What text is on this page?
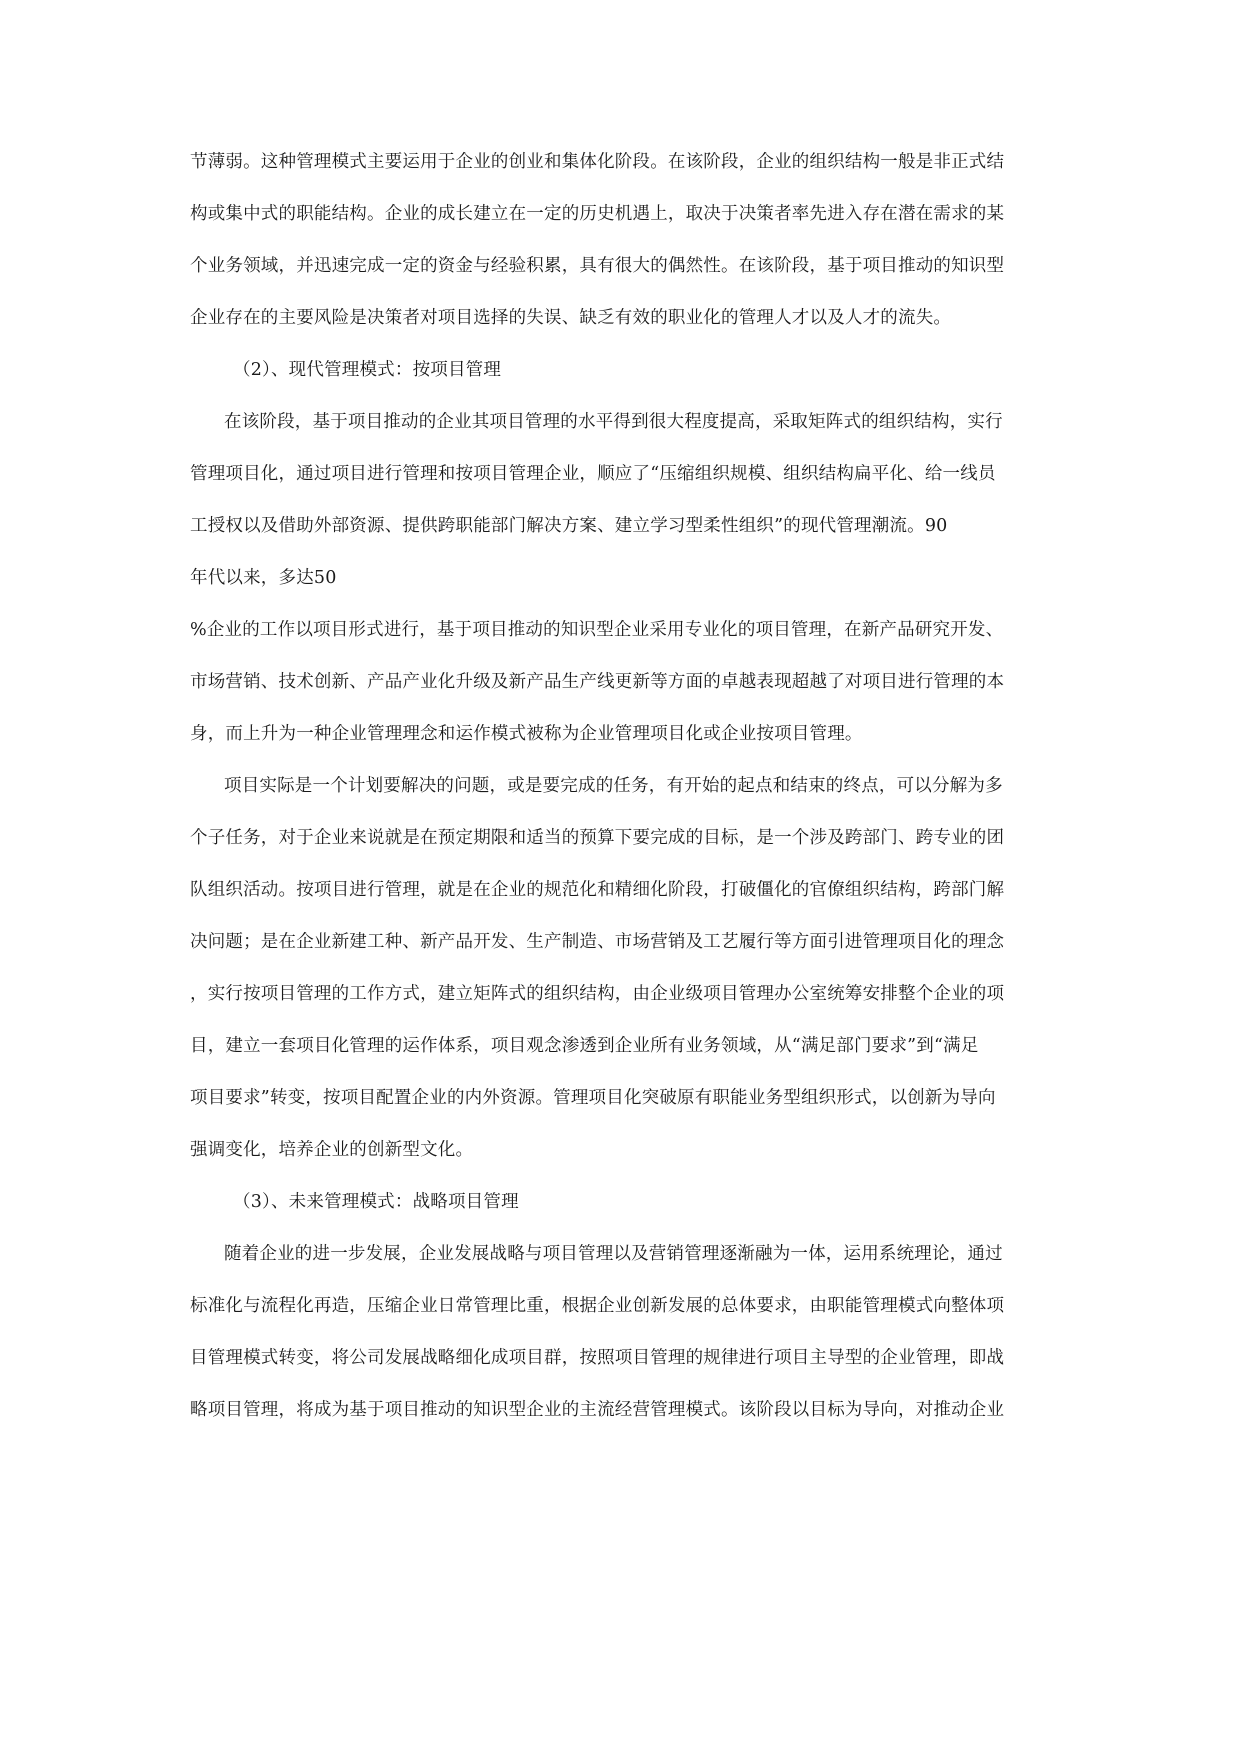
节薄弱。这种管理模式主要运用于企业的创业和集体化阶段。在该阶段，企业的组织结构一般是非正式结
构或集中式的职能结构。企业的成长建立在一定的历史机遇上，取决于决策者率先进入存在潜在需求的某
个业务领域，并迅速完成一定的资金与经验积累，具有很大的偶然性。在该阶段，基于项目推动的知识型
企业存在的主要风险是决策者对项目选择的失误、缺乏有效的职业化的管理人才以及人才的流失。
（2）、现代管理模式：按项目管理
在该阶段，基于项目推动的企业其项目管理的水平得到很大程度提高，采取矩阵式的组织结构，实行
管理项目化，通过项目进行管理和按项目管理企业，顺应了“压缩组织规模、组织结构扁平化、给一线员
工授权以及借助外部资源、提供跨职能部门解决方案、建立学习型柔性组织”的现代管理潮流。90
年代以来，多达50
%企业的工作以项目形式进行，基于项目推动的知识型企业采用专业化的项目管理，在新产品研究开发、
市场营销、技术创新、产品产业化升级及新产品生产线更新等方面的卓越表现超越了对项目进行管理的本
身，而上升为一种企业管理理念和运作模式被称为企业管理项目化或企业按项目管理。
项目实际是一个计划要解决的问题，或是要完成的任务，有开始的起点和结束的终点，可以分解为多
个子任务，对于企业来说就是在预定期限和适当的预算下要完成的目标，是一个涉及跨部门、跨专业的团
队组织活动。按项目进行管理，就是在企业的规范化和精细化阶段，打破僵化的官僚组织结构，跨部门解
决问题；是在企业新建工种、新产品开发、生产制造、市场营销及工艺履行等方面引进管理项目化的理念
，实行按项目管理的工作方式，建立矩阵式的组织结构，由企业级项目管理办公室统筹安排整个企业的项
目，建立一套项目化管理的运作体系，项目观念渗透到企业所有业务领域，从“满足部门要求”到“满足
项目要求”转变，按项目配置企业的内外资源。管理项目化突破原有职能业务型组织形式，以创新为导向
强调变化，培养企业的创新型文化。
（3）、未来管理模式：战略项目管理
随着企业的进一步发展，企业发展战略与项目管理以及营销管理逐渐融为一体，运用系统理论，通过
标准化与流程化再造，压缩企业日常管理比重，根据企业创新发展的总体要求，由职能管理模式向整体项
目管理模式转变，将公司发展战略细化成项目群，按照项目管理的规律进行项目主导型的企业管理，即战
略项目管理，将成为基于项目推动的知识型企业的主流经营管理模式。该阶段以目标为导向，对推动企业
